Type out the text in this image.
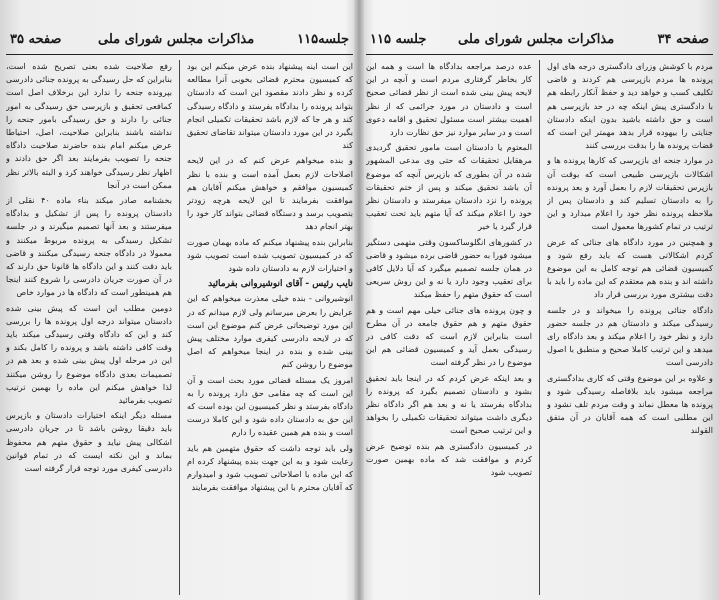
صفحه ۳۵	مذاکرات مجلس شورای ملی	جلسه۱۱۵

این است اینه پیشنهاد بنده عرض میکنم این بود که کمیسیون محترم قضائی بخوبی آنرا مطالعه کرده و نظر دادند مقصود این است که دادستان بتواند پرونده را بدادگاه بفرستد و دادگاه رسیدگی کند و هر جا که لازم باشد تحقیقات تکمیلی انجام بگیرد در این مورد دادستان میتواند تقاضای تحقیق کند

و بنده میخواهم عرض کنم که در این لایحه اصلاحات لازم بعمل آمده است و بنده با نظر کمیسیون موافقم و خواهش میکنم آقایان هم موافقت بفرمایند تا این لایحه هرچه زودتر بتصویب برسد و دستگاه قضائی بتواند کار خود را بهتر انجام دهد

بنابراین بنده پیشنهاد میکنم که ماده بهمان صورت که در کمیسیون تصویب شده است تصویب شود و اختیارات لازم به دادستان داده شود

نایب رئیس - آقای انوشیروانی بفرمائید

انوشیروانی - بنده خیلی معذرت میخواهم که این عرایض را بعرض میرسانم ولی لازم میدانم که در این مورد توضیحاتی عرض کنم موضوع این است که در لایحه دادرسی کیفری موارد مختلف پیش بینی شده و بنده در اینجا میخواهم که اصل موضوع را روشن کنم

امروز یک مسئله قضائی مورد بحث است و آن این است که چه مقامی حق دارد پرونده را به دادگاه بفرستد و نظر کمیسیون این بوده است که این حق به دادستان داده شود و این کاملا درست است و بنده هم همین عقیده را دارم

ولی باید توجه داشت که حقوق متهمین هم باید رعایت شود و به این جهت بنده پیشنهاد کرده ام که این ماده با اصلاحاتی تصویب شود و امیدوارم که آقایان محترم با این پیشنهاد موافقت بفرمایند

رفع صلاحیت شده بعنی تصریح شده است، بنابراین که حل رسیدگی به پرونده جنائی دادرسی بپرونده جنحه را ندارد این برخلاف اصل است کمافعی تحقیق و بازپرسی حق رسیدگی به امور جنائی را دارند و حق رسیدگی بامور جنحه را نداشته باشند بنابراین صلاحیت، اصل، احتیاطا عرض میکنم امام بنده حاضرند صلاحیت دادگاه جنحه را تصویب بفرمایند بعد اگر حق دادند و اظهار نظر رسیدگی خواهند کرد و البته بالاتر نظر ممکن است در آنجا

بخشنامه صادر میکند بناء ماده ۴۰ نقلی از دادستان پرونده را پس از تشکیل و بدادگاه میفرستند و بعد آنها تصمیم میگیرند و در جلسه تشکیل رسیدگی به پرونده مربوط میکنند و معمولا در دادگاه جنحه رسیدگی میکنند و قاضی باید دقت کنند و این دادگاه ها قانونا حق دارند که در آن صورت جریان دادرسی را شروع کنند اینجا هم همینطور است که دادگاه ها در موارد خاص

دومین مطلب این است که پیش بینی شده دادستان میتواند درجه اول پرونده ها را بررسی کند و این که دادگاه وقتی رسیدگی میکند باید وقت کافی داشته باشد و پرونده را کامل بکند و این در مرحله اول پیش بینی شده و بعد هم در تصمیمات بعدی دادگاه موضوع را روشن میکنند لذا خواهش میکنم این ماده را بهمین ترتیب تصویب بفرمائید

مسئله دیگر اینکه اختیارات دادستان و بازپرس باید دقیقا روشن باشد تا در جریان دادرسی اشکالی پیش نیاید و حقوق متهم هم محفوظ بماند و این نکته ایست که در تمام قوانین دادرسی کیفری مورد توجه قرار گرفته است

جلسه ۱۱۵ مذاکرات مجلس شورای ملی	صفحه ۳۴

مردم با کوشش وزرای دادگستری درجه های اول پرونده ها مردم بازپرسی هم کردند و قاضی تکلیف کسب و خواهد دید و حفظ آنکار رابطه هم با دادگستری پیش اینکه چه در حد بازپرسی هم است و حق داشته باشید بدون اینکه دادستان جنایتی را بیهوده قرار بدهد مهمتر این است که قضات پرونده ها را بدقت بررسی کنند

در موارد جنحه ای بازپرسی که کارها پرونده ها و اشکالات بازپرسی طبیعی است که بوقت آن بازپرس تحقیقات لازم را بعمل آورد و بعد پرونده را به دادستان تسلیم کند و دادستان پس از ملاحظه پرونده نظر خود را اعلام میدارد و این ترتیب در تمام کشورها معمول است

و همچنین در مورد دادگاه های جنائی که عرض کردم اشکالاتی هست که باید رفع شود و کمیسیون قضائی هم توجه کامل به این موضوع داشته اند و بنده هم معتقدم که این ماده را باید با دقت بیشتری مورد بررسی قرار داد

دادگاه جنائی پرونده را میخواند و در جلسه رسیدگی میکند و دادستان هم در جلسه حضور دارد و نظر خود را اعلام میکند و بعد دادگاه رای میدهد و این ترتیب کاملا صحیح و منطبق با اصول دادرسی است

و علاوه بر این موضوع وقتی که کاری بدادگستری مراجعه میشود باید بلافاصله رسیدگی شود و پرونده ها معطل نماند و وقت مردم تلف نشود و این مطلبی است که همه آقایان در آن متفق القولند

عده درصد مراجعه بدادگاه ها است و همه این کار بخاطر گرفتاری مردم است و آنچه در این لایحه پیش بینی شده است از نظر قضائی صحیح است و دادستان در مورد جرائمی که از نظر اهمیت بیشتر است مسئول تحقیق و اقامه دعوی است و در سایر موارد نیز حق نظارت دارد

المعتوم یا دادستان است مامور تحقیق گردیدی مرهقایل تحقیقات که حتی وی مدعی المشهور شده در آن بطوری که بازپرس آنچه که موضوع آن باشد تحقیق میکند و پس از ختم تحقیقات پرونده را نزد دادستان میفرستد و دادستان نظر خود را اعلام میکند که آیا متهم باید تحت تعقیب قرار گیرد یا خیر

در کشورهای انگلوساکسون وقتی متهمی دستگیر میشود فورا به حضور قاضی برده میشود و قاضی در همان جلسه تصمیم میگیرد که آیا دلایل کافی برای تعقیب وجود دارد یا نه و این روش سریعی است که حقوق متهم را حفظ میکند

و چون پرونده های جنائی خیلی مهم است و هم حقوق متهم و هم حقوق جامعه در آن مطرح است بنابراین لازم است که دقت کافی در رسیدگی بعمل آید و کمیسیون قضائی هم این موضوع را در نظر گرفته است

و بعد اینکه عرض کردم که در اینجا باید تحقیق بشود و دادستان تصمیم بگیرد که پرونده را بدادگاه بفرستد یا نه و بعد هم اگر دادگاه نظر دیگری داشت میتواند تحقیقات تکمیلی را بخواهد و این ترتیب صحیح است

در کمیسیون دادگستری هم بنده توضیح عرض کردم و موافقت شد که ماده بهمین صورت تصویب شود
